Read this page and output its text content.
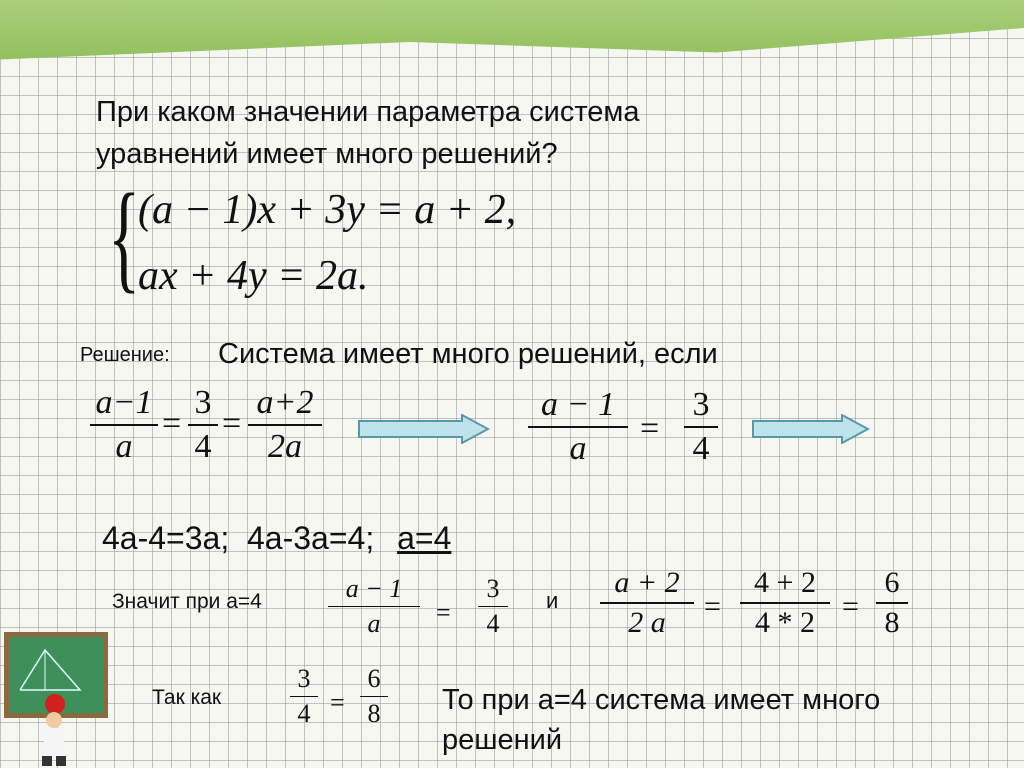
При каком значении параметра система
уравнений имеет много решений?
{
(a − 1)x + 3y = a + 2,
ax + 4y = 2a.
Решение: Система имеет много решений, если
a−1
a
=
3
4
=
a+2
2a
a − 1
a
=
3
4
4a-4=3a;  4a-3a=4; a=4
Значит при a=4	a − 1
a	=
3
4
и
a + 2
2 a	=
4 + 2
4 * 2 =
6
8
Так как
3
4 =
6
8 То при a=4 система имеет много
решений
